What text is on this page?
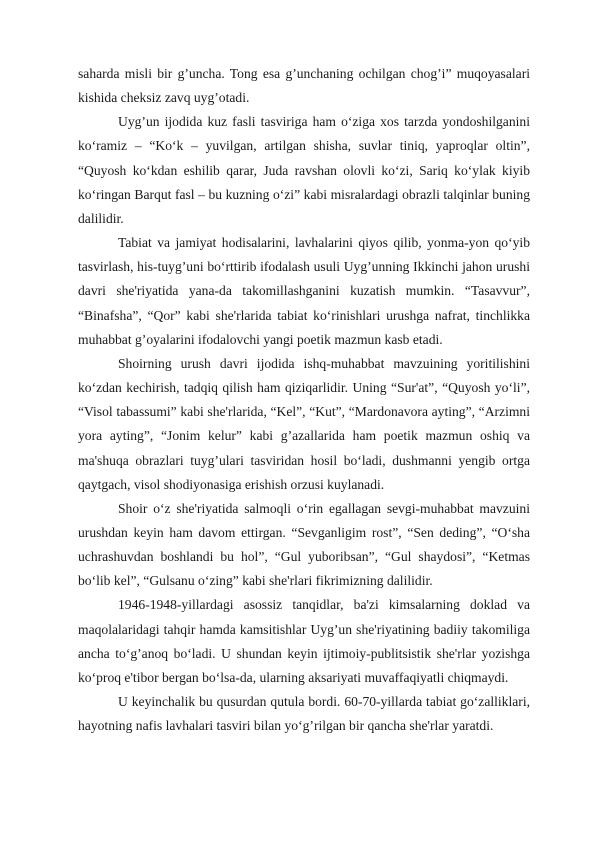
saharda misli bir g’uncha. Tong esa g’unchaning ochilgan chog’i” muqoyasalari kishida cheksiz zavq uyg’otadi.

Uyg’un ijodida kuz fasli tasviriga ham o‘ziga xos tarzda yondoshilganini ko‘ramiz – “Ko‘k – yuvilgan, artilgan shisha, suvlar tiniq, yaproqlar oltin”, “Quyosh ko‘kdan eshilib qarar, Juda ravshan olovli ko‘zi, Sariq ko‘ylak kiyib ko‘ringan Barqut fasl – bu kuzning o‘zi” kabi misralardagi obrazli talqinlar buning dalilidir.

Tabiat va jamiyat hodisalarini, lavhalarini qiyos qilib, yonma-yon qo‘yib tasvirlash, his-tuyg’uni bo‘rttirib ifodalash usuli Uyg’unning Ikkinchi jahon urushi davri she'riyatida yana-da takomillashganini kuzatish mumkin. “Tasavvur”, “Binafsha”, “Qor” kabi she'rlarida tabiat ko‘rinishlari urushga nafrat, tinchlikka muhabbat g’oyalarini ifodalovchi yangi poetik mazmun kasb etadi.

Shoirning urush davri ijodida ishq-muhabbat mavzuining yoritilishini ko‘zdan kechirish, tadqiq qilish ham qiziqarlidir. Uning “Sur'at”, “Quyosh yo‘li”, “Visol tabassumi” kabi she'rlarida, “Kel”, “Kut”, “Mardonavora ayting”, “Arzimni yora ayting”, “Jonim kelur” kabi g’azallarida ham poetik mazmun oshiq va ma'shuqa obrazlari tuyg’ulari tasviridan hosil bo‘ladi, dushmanni yengib ortga qaytgach, visol shodiyonasiga erishish orzusi kuylanadi.

Shoir o‘z she'riyatida salmoqli o‘rin egallagan sevgi-muhabbat mavzuini urushdan keyin ham davom ettirgan. “Sevganligim rost”, “Sen deding”, “O‘sha uchrashuvdan boshlandi bu hol”, “Gul yuboribsan”, “Gul shaydosi”, “Ketmas bo‘lib kel”, “Gulsanu o‘zing” kabi she'rlari fikrimizning dalilidir.

1946-1948-yillardagi asossiz tanqidlar, ba'zi kimsalarning doklad va maqolalaridagi tahqir hamda kamsitishlar Uyg’un she'riyatining badiiy takomiliga ancha to‘g’anoq bo‘ladi. U shundan keyin ijtimoiy-publitsistik she'rlar yozishga ko‘proq e'tibor bergan bo‘lsa-da, ularning aksariyati muvaffaqiyatli chiqmaydi.

U keyinchalik bu qusurdan qutula bordi. 60-70-yillarda tabiat go‘zalliklari, hayotning nafis lavhalari tasviri bilan yo‘g’rilgan bir qancha she'rlar yaratdi.
